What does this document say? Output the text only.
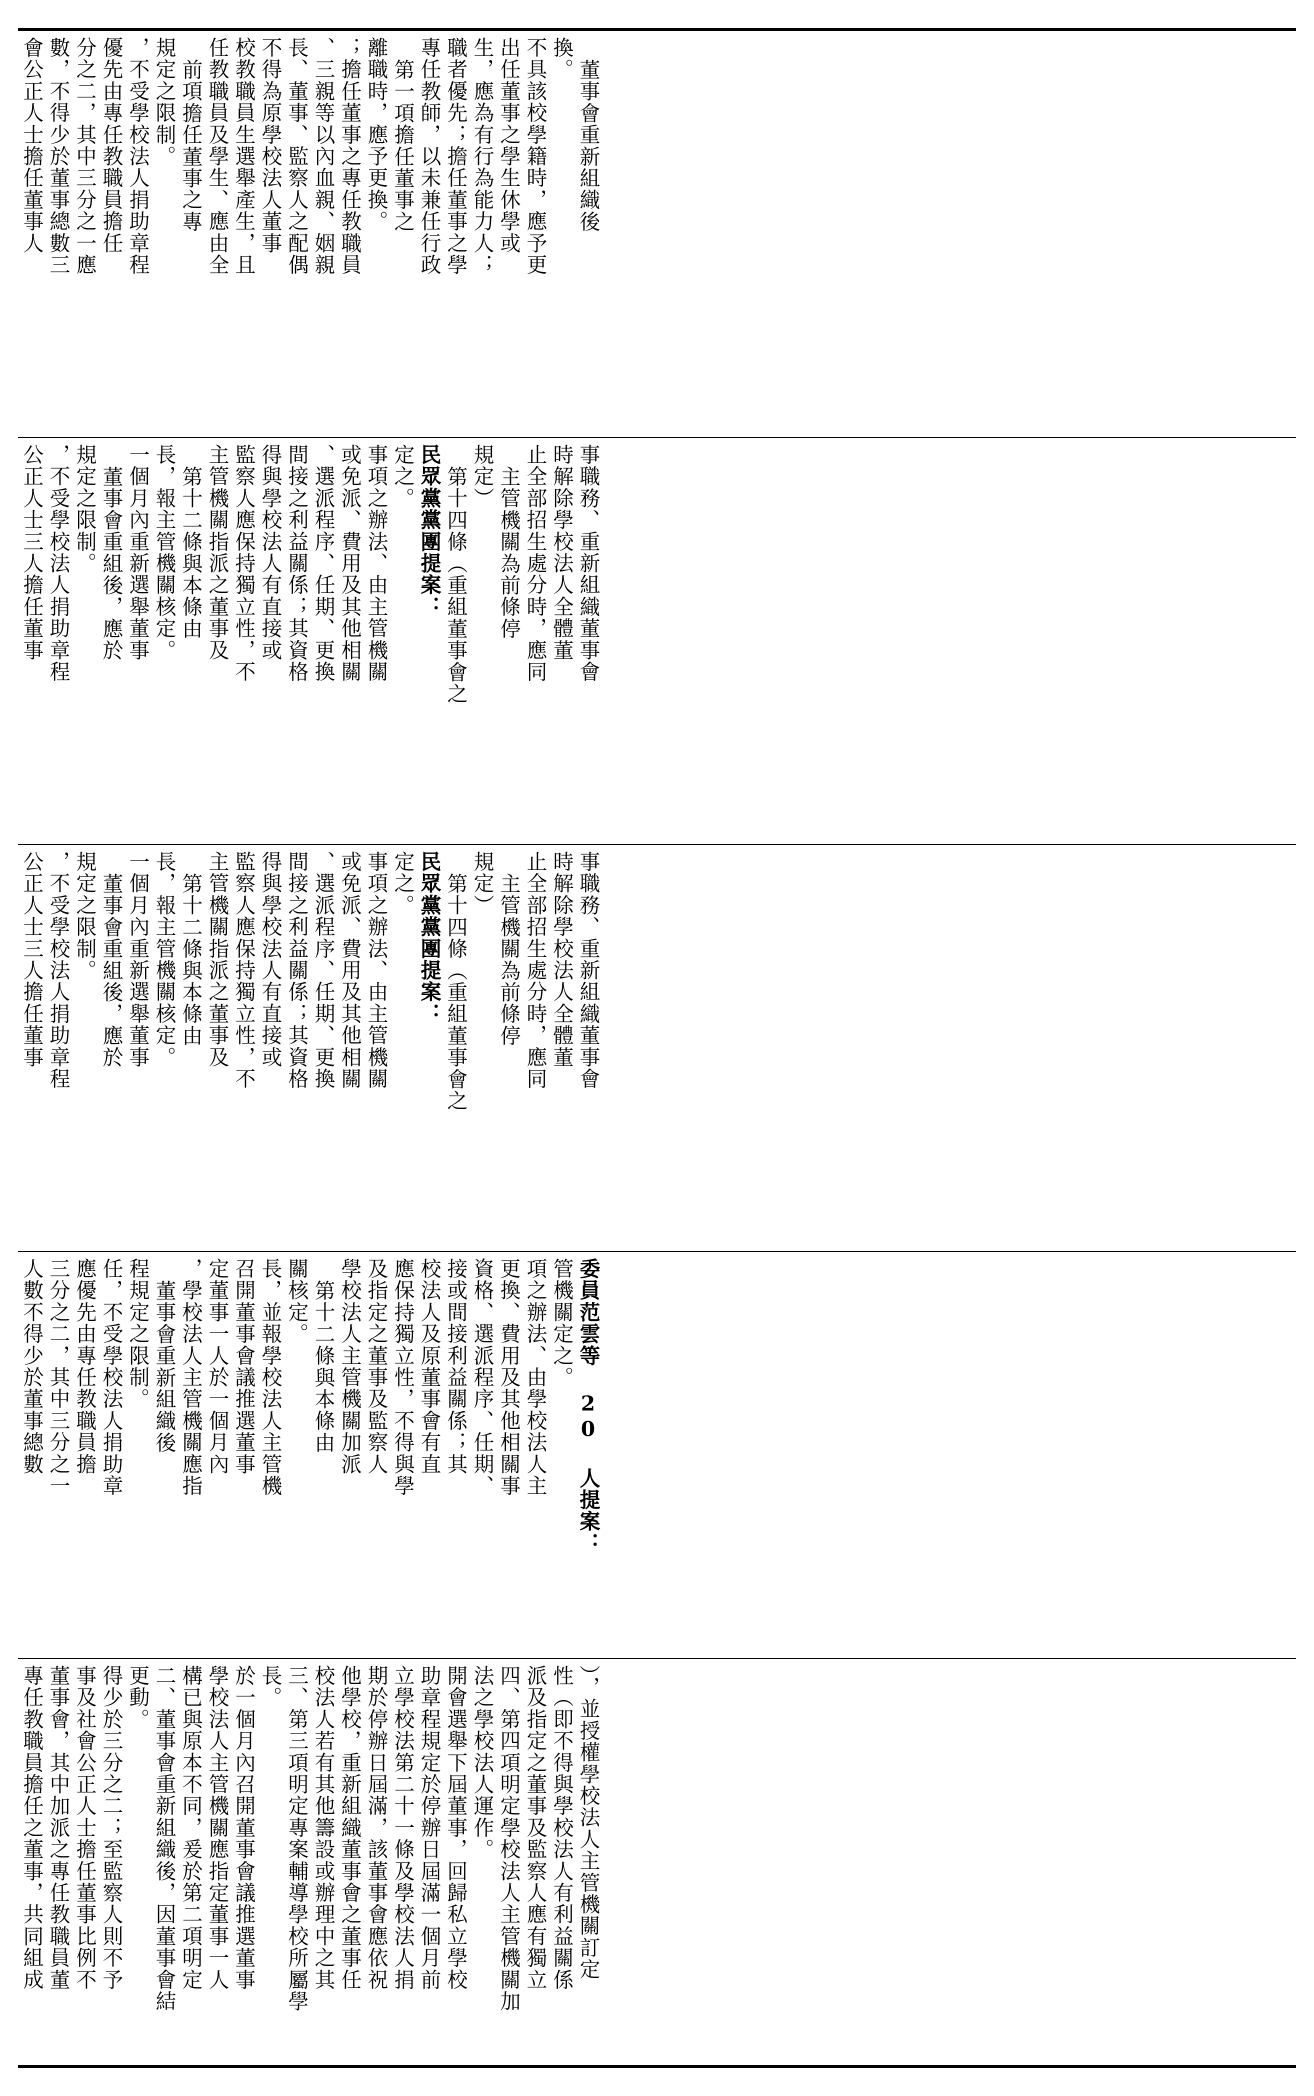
會公正人士擔任董事人 數，不得少於董事總數三 分之二，其中三分之一應 優先由專任教職員擔任 ，不受學校法人捐助章程 規定之限制。 前項擔任董事之專 任教職員及學生、應由全 校教職員生選舉產生，且 不得為原學校法人董事 長、董事、監察人之配偶 、三親等以內血親、姻親 ；擔任董事之專任教職員 離職時，應予更換。 第一項擔任董事之 專任教師，以未兼任行政 職者優先；擔任董事之學 生，應為有行為能力人； 出任董事之學生休學或 不具該校學籍時，應予更 換。
董事會重新組織後
公正人士三人擔任董事 ，不受學校法人捐助章程 規定之限制。 董事會重組後，應於 一個月內重新選舉董事 長，報主管機關核定。 第十二條與本條由 主管機關指派之董事及 監察人應保持獨立性，不 得與學校法人有直接或 間接之利益關係；其資格 、選派程序、任期、更換 或免派、費用及其他相關 事項之辦法、由主管機關 定之。 民眾黨黨團提案： 第十四條（重組董事會之 規定） 主管機關為前條停 止全部招生處分時，應同 時解除學校法人全體董 事職務、重新組織董事會
公正人士三人擔任董事 ，不受學校法人捐助章程 規定之限制。 董事會重組後，應於 一個月內重新選舉董事 長，報主管機關核定。 第十二條與本條由 主管機關指派之董事及 監察人應保持獨立性，不 得與學校法人有直接或 間接之利益關係；其資格 、選派程序、任期、更換 或免派、費用及其他相關 事項之辦法、由主管機關 定之。 民眾黨黨團提案： 第十四條（重組董事會之 規定） 主管機關為前條停 止全部招生處分時，應同 時解除學校法人全體董 事職務、重新組織董事會
人數不得少於董事總數 三分之二，其中三分之一 應優先由專任教職員擔 任，不受學校法人捐助章 程規定之限制。 董事會重新組織後 ，學校法人主管機關應指 定董事一人於一個月內 召開董事會議推選董事 長，並報學校法人主管機 關核定。 第十二條與本條由 學校法人主管機關加派 及指定之董事及監察人 應保持獨立性，不得與學 校法人及原董事會有直 接或間接利益關係；其 資格、選派程序、任期、 更換、費用及其他相關事 項之辦法、由學校法人主 管機關定之。 委員范雲等 20 人提案：
專任教職員擔任之董事，共同組成 董事會，其中加派之專任教職員董 事及社會公正人士擔任董事比例不 得少於三分之二；至監察人則不予 更動。 二、董事會重新組織後，因董事會結 構已與原本不同，爰於第二項明定 學校法人主管機關應指定董事一人 於一個月內召開董事會議推選董事 長。 三、第三項明定專案輔導學校所屬學 校法人若有其他籌設或辦理中之其 他學校，重新組織董事會之董事任 期於停辦日屆滿，該董事會應依祝 立學校法第二十一條及學校法人捐 助章程規定於停辦日屆滿一個月前 開會選舉下屆董事，回歸私立學校 法之學校法人運作。 四、第四項明定學校法人主管機關加 派及指定之董事及監察人應有獨立 性（即不得與學校法人有利益關係 ），並授權學校法人主管機關訂定
